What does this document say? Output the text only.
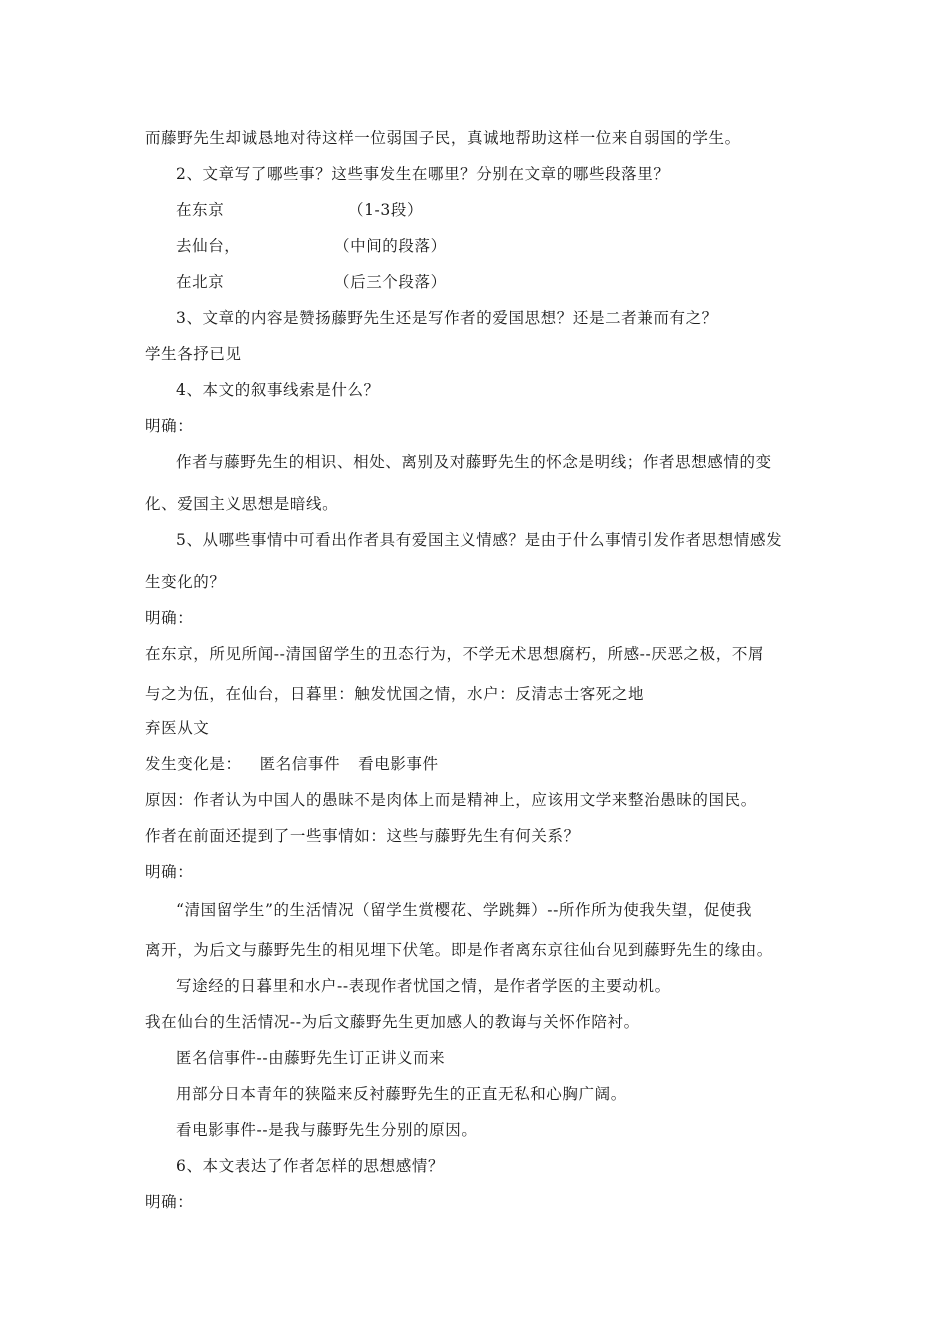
而藤野先生却诚恳地对待这样一位弱国子民，真诚地帮助这样一位来自弱国的学生。
2、文章写了哪些事？这些事发生在哪里？分别在文章的哪些段落里？
在东京	（1-3段）
去仙台，	（中间的段落）
在北京	（后三个段落）
3、文章的内容是赞扬藤野先生还是写作者的爱国思想？还是二者兼而有之？
学生各抒已见
4、本文的叙事线索是什么？
明确：
作者与藤野先生的相识、相处、离别及对藤野先生的怀念是明线；作者思想感情的变
化、爱国主义思想是暗线。
5、从哪些事情中可看出作者具有爱国主义情感？是由于什么事情引发作者思想情感发
生变化的？
明确：
在东京，所见所闻--清国留学生的丑态行为，不学无术思想腐朽，所感--厌恶之极，不屑
与之为伍，在仙台，日暮里：触发忧国之情，水户：反清志士客死之地
弃医从文
发生变化是： 匿名信事件 看电影事件
原因：作者认为中国人的愚昧不是肉体上而是精神上，应该用文学来整治愚昧的国民。
作者在前面还提到了一些事情如：这些与藤野先生有何关系？
明确：
“清国留学生”的生活情况（留学生赏樱花、学跳舞）--所作所为使我失望，促使我
离开，为后文与藤野先生的相见埋下伏笔。即是作者离东京往仙台见到藤野先生的缘由。
写途经的日暮里和水户--表现作者忧国之情，是作者学医的主要动机。
我在仙台的生活情况--为后文藤野先生更加感人的教诲与关怀作陪衬。
匿名信事件--由藤野先生订正讲义而来
用部分日本青年的狭隘来反衬藤野先生的正直无私和心胸广阔。
看电影事件--是我与藤野先生分别的原因。
6、本文表达了作者怎样的思想感情？
明确：
